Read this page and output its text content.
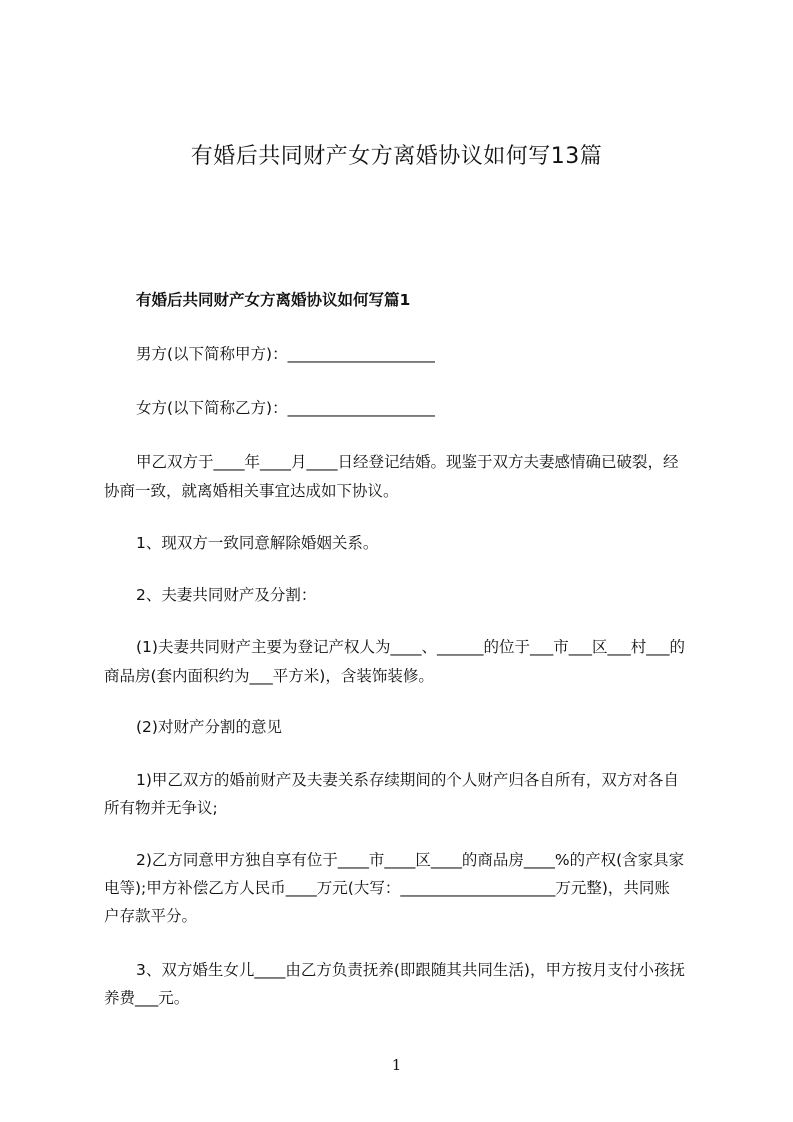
有婚后共同财产女方离婚协议如何写13篇
有婚后共同财产女方离婚协议如何写篇1

男方(以下简称甲方)：___________________

女方(以下简称乙方)：___________________

甲乙双方于____年____月____日经登记结婚。现鉴于双方夫妻感情确已破裂，经

协商一致，就离婚相关事宜达成如下协议。

1、现双方一致同意解除婚姻关系。

2、夫妻共同财产及分割：

(1)夫妻共同财产主要为登记产权人为____、______的位于___市___区___村___的

商品房(套内面积约为___平方米)，含装饰装修。

(2)对财产分割的意见

1)甲乙双方的婚前财产及夫妻关系存续期间的个人财产归各自所有，双方对各自

所有物并无争议;

2)乙方同意甲方独自享有位于____市____区____的商品房____%的产权(含家具家

电等);甲方补偿乙方人民币____万元(大写：____________________万元整)，共同账

户存款平分。

3、双方婚生女儿____由乙方负责抚养(即跟随其共同生活)，甲方按月支付小孩抚

养费___元。

1
